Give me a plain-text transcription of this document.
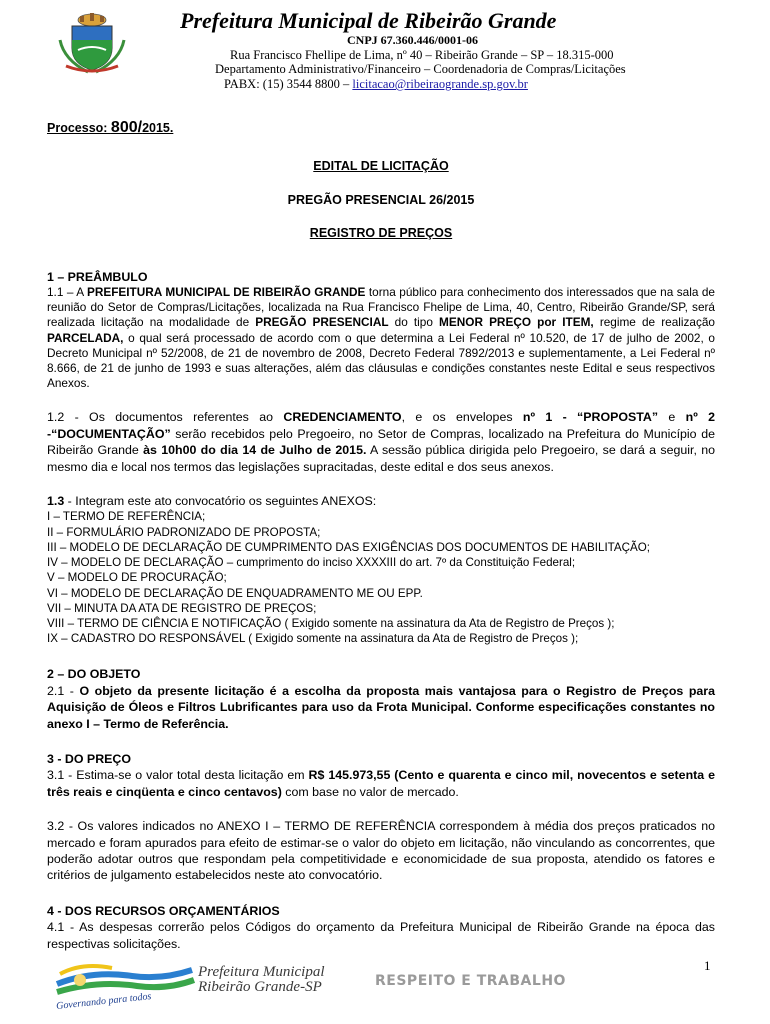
Prefeitura Municipal de Ribeirão Grande
CNPJ 67.360.446/0001-06
Rua Francisco Fhellipe de Lima, nº 40 – Ribeirão Grande – SP – 18.315-000
Departamento Administrativo/Financeiro – Coordenadoria de Compras/Licitações
PABX: (15) 3544 8800 – licitacao@ribeiraogrande.sp.gov.br
Processo: 800/2015.
EDITAL DE LICITAÇÃO
PREGÃO PRESENCIAL 26/2015
REGISTRO DE PREÇOS
1 – PREÂMBULO

1.1 – A PREFEITURA MUNICIPAL DE RIBEIRÃO GRANDE torna público para conhecimento dos interessados que na sala de reunião do Setor de Compras/Licitações, localizada na Rua Francisco Fhelipe de Lima, 40, Centro, Ribeirão Grande/SP, será realizada licitação na modalidade de PREGÃO PRESENCIAL do tipo MENOR PREÇO por ITEM, regime de realização PARCELADA, o qual será processado de acordo com o que determina a Lei Federal nº 10.520, de 17 de julho de 2002, o Decreto Municipal nº 52/2008, de 21 de novembro de 2008, Decreto Federal 7892/2013 e suplementamente, a Lei Federal nº 8.666, de 21 de junho de 1993 e suas alterações, além das cláusulas e condições constantes neste Edital e seus respectivos Anexos.

1.2 - Os documentos referentes ao CREDENCIAMENTO, e os envelopes nº 1 - “PROPOSTA” e nº 2 -“DOCUMENTAÇÃO” serão recebidos pelo Pregoeiro, no Setor de Compras, localizado na Prefeitura do Município de Ribeirão Grande às 10h00 do dia 14 de Julho de 2015. A sessão pública dirigida pelo Pregoeiro, se dará a seguir, no mesmo dia e local nos termos das legislações supracitadas, deste edital e dos seus anexos.

1.3 - Integram este ato convocatório os seguintes ANEXOS:

I – TERMO DE REFERÊNCIA;
II – FORMULÁRIO PADRONIZADO DE PROPOSTA;
III – MODELO DE DECLARAÇÃO DE CUMPRIMENTO DAS EXIGÊNCIAS DOS DOCUMENTOS DE HABILITAÇÃO;
IV – MODELO DE DECLARAÇÃO – cumprimento do inciso XXXXIII do art. 7º da Constituição Federal;
V – MODELO DE PROCURAÇÃO;
VI – MODELO DE DECLARAÇÃO DE ENQUADRAMENTO ME OU EPP.
VII – MINUTA DA ATA DE REGISTRO DE PREÇOS;
VIII – TERMO DE CIÊNCIA E NOTIFICAÇÃO ( Exigido somente na assinatura da Ata de Registro de Preços );
IX – CADASTRO DO RESPONSÁVEL ( Exigido somente na assinatura da Ata de Registro de Preços );
2 – DO OBJETO

2.1 - O objeto da presente licitação é a escolha da proposta mais vantajosa para o Registro de Preços para Aquisição de Óleos e Filtros Lubrificantes para uso da Frota Municipal. Conforme especificações constantes no anexo I – Termo de Referência.

3 - DO PREÇO

3.1 - Estima-se o valor total desta licitação em R$ 145.973,55 (Cento e quarenta e cinco mil, novecentos e setenta e três reais e cinqüenta e cinco centavos) com base no valor de mercado.

3.2 - Os valores indicados no ANEXO I – TERMO DE REFERÊNCIA correspondem à média dos preços praticados no mercado e foram apurados para efeito de estimar-se o valor do objeto em licitação, não vinculando as concorrentes, que poderão adotar outros que respondam pela competitividade e economicidade de sua proposta, atendido os fatores e critérios de julgamento estabelecidos neste ato convocatório.

4 - DOS RECURSOS ORÇAMENTÁRIOS

4.1 - As despesas correrão pelos Códigos do orçamento da Prefeitura Municipal de Ribeirão Grande na época das respectivas solicitações.

1
Prefeitura Municipal
Ribeirão Grande-SP	RESPEITO E TRABALHO
Governando para todos
